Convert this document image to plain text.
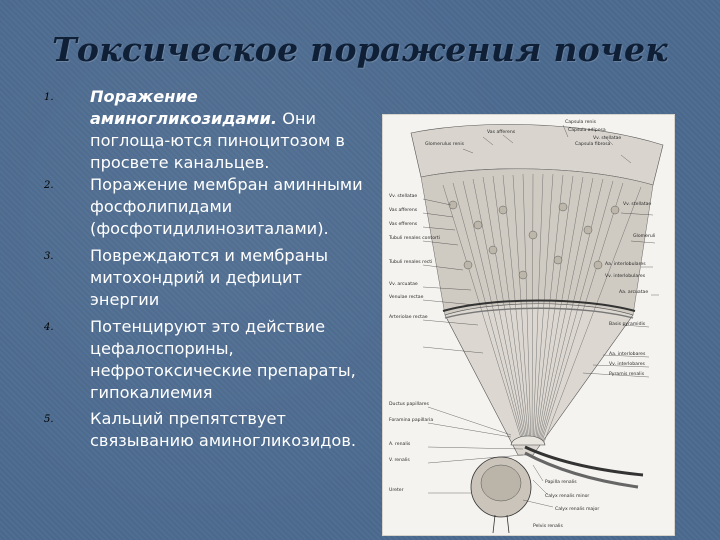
Токсическое поражения почек
1.	Поражение аминогликозидами. Они поглоща-ются пиноцитозом в просвете канальцев.
2.	Поражение мембран аминными фосфолипидами (фосфотидилинозиталами).
3.	Повреждаются и мембраны митохондрий и дефицит энергии
4.	Потенцируют это действие цефалоспорины, нефротоксические препараты, гипокалиемия
5.	Кальций препятствует связыванию аминогликозидов.
Capsula renis
Vv. stellatae
Vas afferens
Glomerulus renis
Capsula adiposa
Capsula fibrosa
Vv. stellatae
Vas afferens
Vas efferens
Tubuli renales contorti
Tubuli renales recti
Vv. arcuatae
Venulae rectae
Arteriolae rectae
Ductus papillares
Foramina papillaria
A. renalis
V. renalis
Ureter
Calyx renalis minor
Papilla renalis
Calyx renalis major
Vv. stellatae
Glomeruli
Aa. interlobulares
Vv. interlobulares
Aa. arcuatae
Basis pyramidis
Aa. interlobares
Vv. interlobares
Pyramis renalis
Pelvis renalis
